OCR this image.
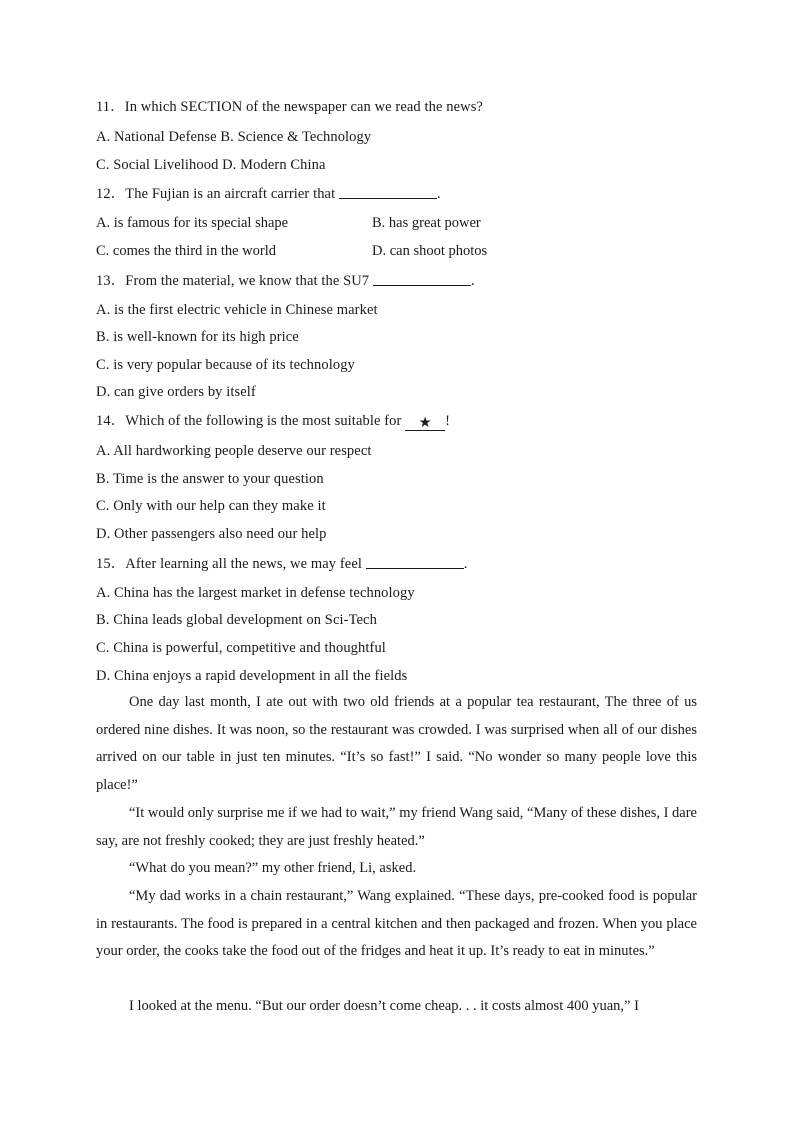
11．In which SECTION of the newspaper can we read the news?
A. National Defense B. Science & Technology
C. Social Livelihood D. Modern China
12．The Fujian is an aircraft carrier that	.
A. is famous for its special shape	B. has great power
C. comes the third in the world	D. can shoot photos
13．From the material, we know that the SU7	.
A. is the first electric vehicle in Chinese market
B. is well-known for its high price
C. is very popular because of its technology
D. can give orders by itself
14．Which of the following is the most suitable for ★ !
A. All hardworking people deserve our respect
B. Time is the answer to your question
C. Only with our help can they make it
D. Other passengers also need our help
15．After learning all the news, we may feel	.
A. China has the largest market in defense technology
B. China leads global development on Sci-Tech
C. China is powerful, competitive and thoughtful
D. China enjoys a rapid development in all the fields

One day last month, I ate out with two old friends at a popular tea restaurant, The three of us ordered nine dishes. It was noon, so the restaurant was crowded. I was surprised when all of our dishes arrived on our table in just ten minutes. “It’s so fast!” I said. “No wonder so many people love this place!”

“It would only surprise me if we had to wait,” my friend Wang said, “Many of these dishes, I dare say, are not freshly cooked; they are just freshly heated.”

“What do you mean?” my other friend, Li, asked.

“My dad works in a chain restaurant,” Wang explained. “These days, pre-cooked food is popular in restaurants. The food is prepared in a central kitchen and then packaged and frozen. When you place your order, the cooks take the food out of the fridges and heat it up. It’s ready to eat in minutes.”

I looked at the menu. “But our order doesn’t come cheap. . . it costs almost 400 yuan,” I
